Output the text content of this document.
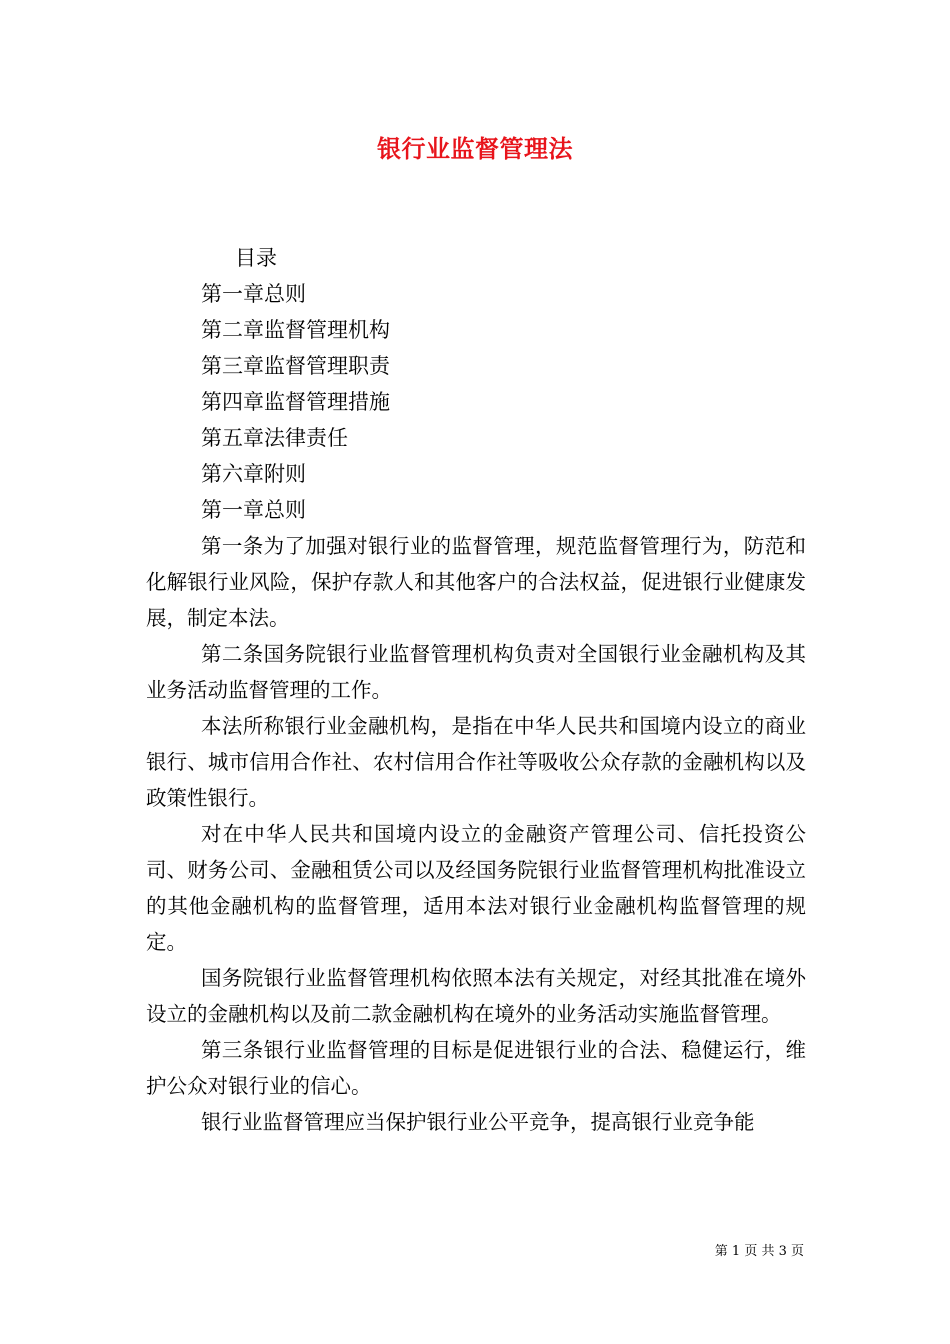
银行业监督管理法
目录
第一章总则
第二章监督管理机构
第三章监督管理职责
第四章监督管理措施
第五章法律责任
第六章附则
第一章总则

第一条为了加强对银行业的监督管理，规范监督管理行为，防范和化解银行业风险，保护存款人和其他客户的合法权益，促进银行业健康发展，制定本法。

第二条国务院银行业监督管理机构负责对全国银行业金融机构及其业务活动监督管理的工作。

本法所称银行业金融机构，是指在中华人民共和国境内设立的商业银行、城市信用合作社、农村信用合作社等吸收公众存款的金融机构以及政策性银行。

对在中华人民共和国境内设立的金融资产管理公司、信托投资公司、财务公司、金融租赁公司以及经国务院银行业监督管理机构批准设立的其他金融机构的监督管理，适用本法对银行业金融机构监督管理的规定。

国务院银行业监督管理机构依照本法有关规定，对经其批准在境外设立的金融机构以及前二款金融机构在境外的业务活动实施监督管理。

第三条银行业监督管理的目标是促进银行业的合法、稳健运行，维护公众对银行业的信心。

银行业监督管理应当保护银行业公平竞争，提高银行业竞争能

第 1 页 共 3 页
